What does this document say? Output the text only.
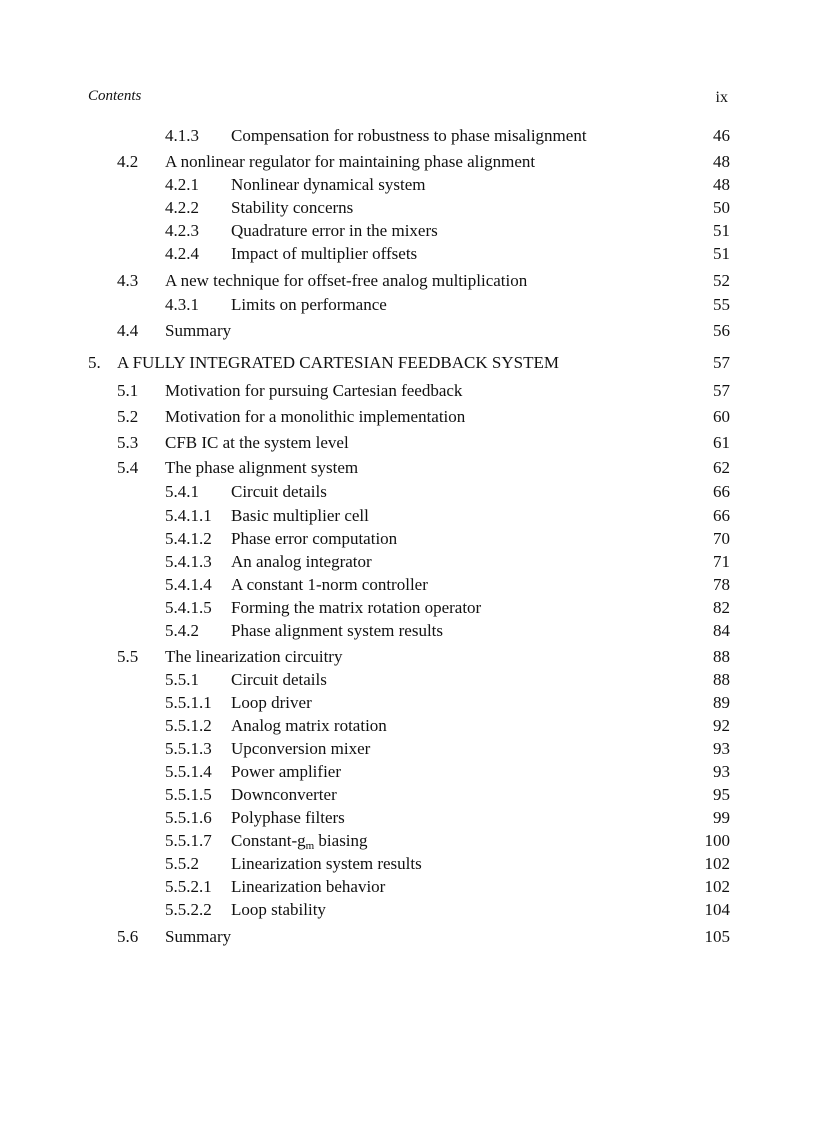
Contents	ix
4.1.3 Compensation for robustness to phase misalignment	46
4.2 A nonlinear regulator for maintaining phase alignment	48
4.2.1 Nonlinear dynamical system	48
4.2.2 Stability concerns	50
4.2.3 Quadrature error in the mixers	51
4.2.4 Impact of multiplier offsets	51
4.3 A new technique for offset-free analog multiplication	52
4.3.1 Limits on performance	55
4.4 Summary	56
5. A FULLY INTEGRATED CARTESIAN FEEDBACK SYSTEM	57
5.1 Motivation for pursuing Cartesian feedback	57
5.2 Motivation for a monolithic implementation	60
5.3 CFB IC at the system level	61
5.4 The phase alignment system	62
5.4.1 Circuit details	66
5.4.1.1 Basic multiplier cell	66
5.4.1.2 Phase error computation	70
5.4.1.3 An analog integrator	71
5.4.1.4 A constant 1-norm controller	78
5.4.1.5 Forming the matrix rotation operator	82
5.4.2 Phase alignment system results	84
5.5 The linearization circuitry	88
5.5.1 Circuit details	88
5.5.1.1 Loop driver	89
5.5.1.2 Analog matrix rotation	92
5.5.1.3 Upconversion mixer	93
5.5.1.4 Power amplifier	93
5.5.1.5 Downconverter	95
5.5.1.6 Polyphase filters	99
5.5.1.7 Constant-gm biasing	100
5.5.2 Linearization system results	102
5.5.2.1 Linearization behavior	102
5.5.2.2 Loop stability	104
5.6 Summary	105
